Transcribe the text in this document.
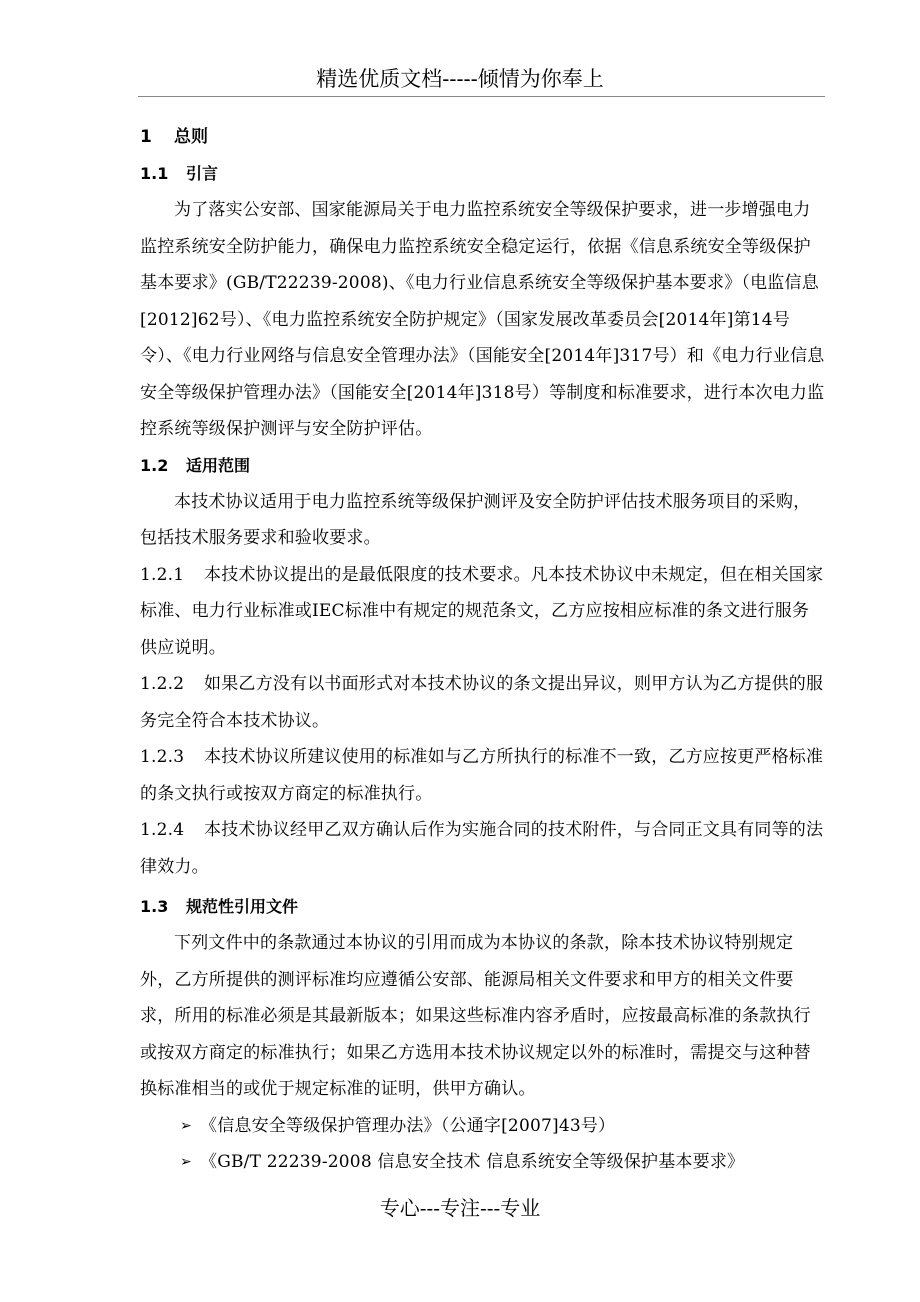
精选优质文档-----倾情为你奉上
1 总则
1.1 引言

为了落实公安部、国家能源局关于电力监控系统安全等级保护要求，进一步增强电力监控系统安全防护能力，确保电力监控系统安全稳定运行，依据《信息系统安全等级保护基本要求》(GB/T22239-2008)、《电力行业信息系统安全等级保护基本要求》（电监信息[2012]62号）、《电力监控系统安全防护规定》（国家发展改革委员会[2014年]第14号令）、《电力行业网络与信息安全管理办法》（国能安全[2014年]317号）和《电力行业信息安全等级保护管理办法》（国能安全[2014年]318号）等制度和标准要求，进行本次电力监控系统等级保护测评与安全防护评估。

1.2 适用范围

本技术协议适用于电力监控系统等级保护测评及安全防护评估技术服务项目的采购，包括技术服务要求和验收要求。

1.2.1 本技术协议提出的是最低限度的技术要求。凡本技术协议中未规定，但在相关国家标准、电力行业标准或IEC标准中有规定的规范条文，乙方应按相应标准的条文进行服务供应说明。

1.2.2 如果乙方没有以书面形式对本技术协议的条文提出异议，则甲方认为乙方提供的服务完全符合本技术协议。

1.2.3 本技术协议所建议使用的标准如与乙方所执行的标准不一致，乙方应按更严格标准的条文执行或按双方商定的标准执行。

1.2.4 本技术协议经甲乙双方确认后作为实施合同的技术附件，与合同正文具有同等的法律效力。

1.3 规范性引用文件

下列文件中的条款通过本协议的引用而成为本协议的条款，除本技术协议特别规定外，乙方所提供的测评标准均应遵循公安部、能源局相关文件要求和甲方的相关文件要求，所用的标准必须是其最新版本；如果这些标准内容矛盾时，应按最高标准的条款执行或按双方商定的标准执行；如果乙方选用本技术协议规定以外的标准时，需提交与这种替换标准相当的或优于规定标准的证明，供甲方确认。

➢ 《信息安全等级保护管理办法》（公通字[2007]43号）
➢ 《GB/T 22239-2008 信息安全技术 信息系统安全等级保护基本要求》
专心---专注---专业
